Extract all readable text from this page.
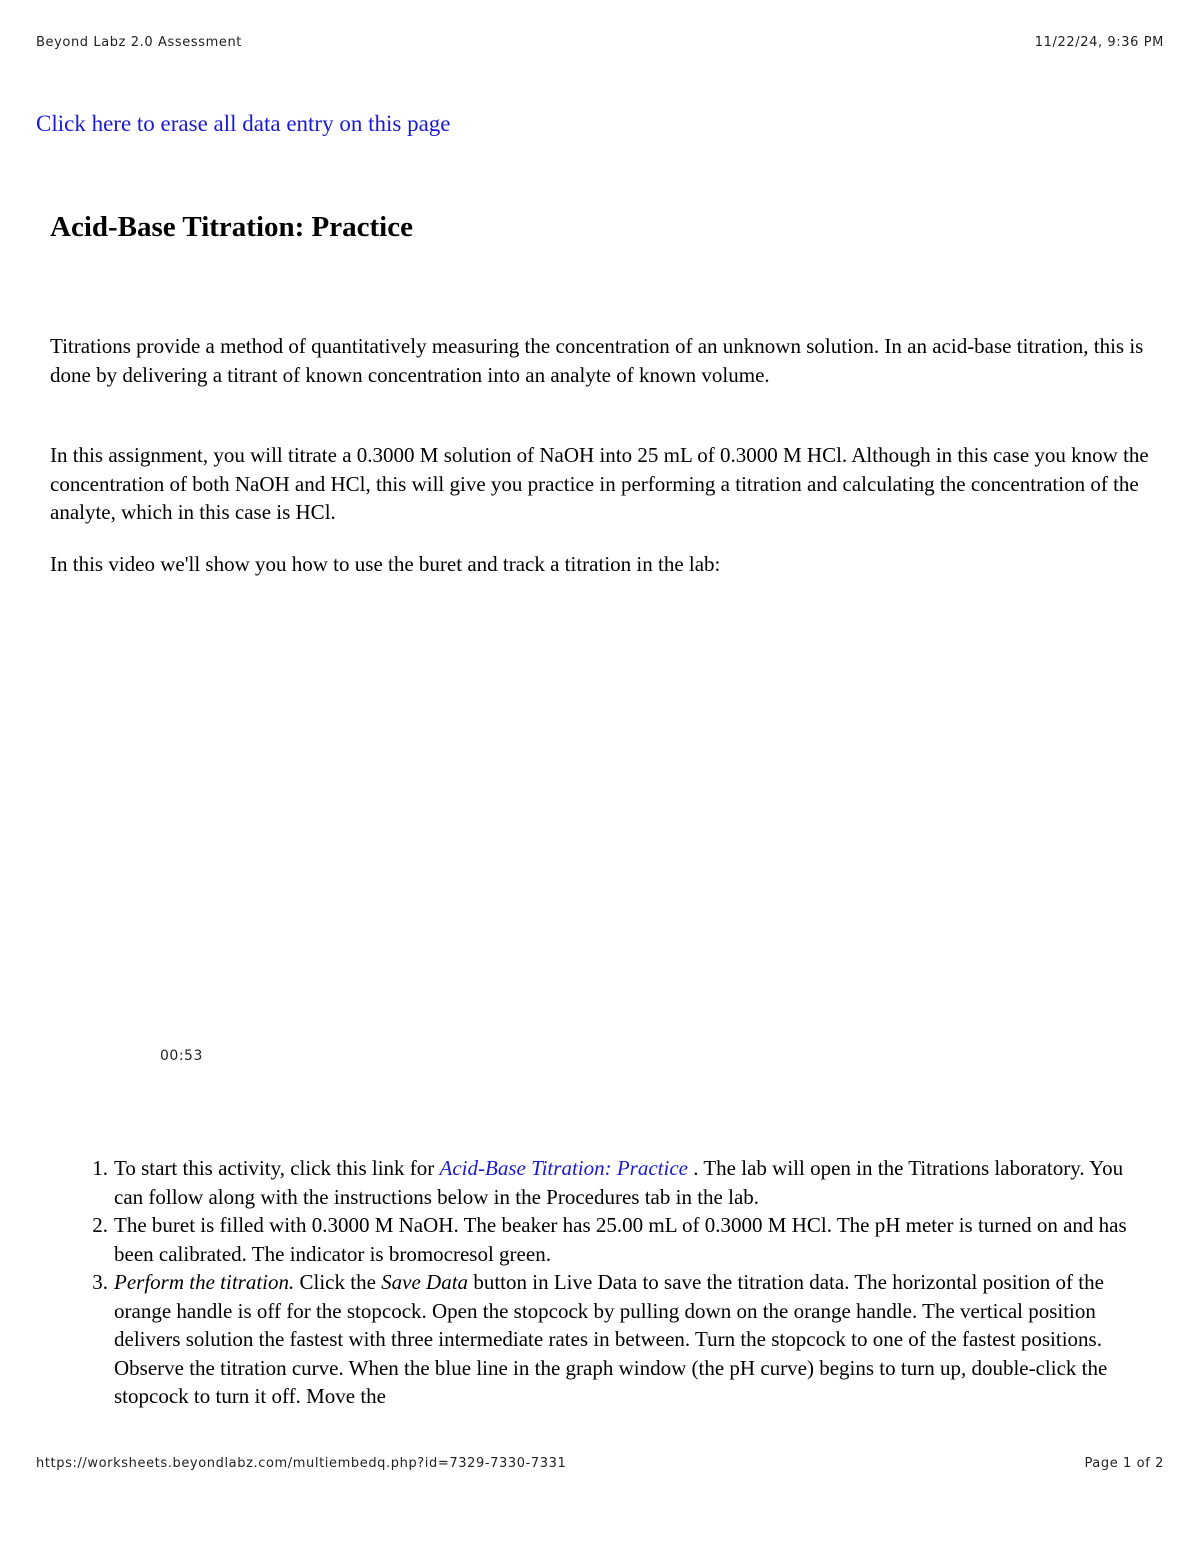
Beyond Labz 2.0 Assessment	11/22/24, 9:36 PM
Click here to erase all data entry on this page
Acid-Base Titration: Practice

Titrations provide a method of quantitatively measuring the concentration of an unknown solution. In an acid-base titration, this is done by delivering a titrant of known concentration into an analyte of known volume.

In this assignment, you will titrate a 0.3000 M solution of NaOH into 25 mL of 0.3000 M HCl. Although in this case you know the concentration of both NaOH and HCl, this will give you practice in performing a titration and calculating the concentration of the analyte, which in this case is HCl.

In this video we'll show you how to use the buret and track a titration in the lab:

00:53
1. To start this activity, click this link for Acid-Base Titration: Practice . The lab will open in the Titrations laboratory. You can follow along with the instructions below in the Procedures tab in the lab.
2. The buret is filled with 0.3000 M NaOH. The beaker has 25.00 mL of 0.3000 M HCl. The pH meter is turned on and has been calibrated. The indicator is bromocresol green.
3. Perform the titration. Click the Save Data button in Live Data to save the titration data. The horizontal position of the orange handle is off for the stopcock. Open the stopcock by pulling down on the orange handle. The vertical position delivers solution the fastest with three intermediate rates in between. Turn the stopcock to one of the fastest positions. Observe the titration curve. When the blue line in the graph window (the pH curve) begins to turn up, double-click the stopcock to turn it off. Move the
https://worksheets.beyondlabz.com/multiembedq.php?id=7329-7330-7331	Page 1 of 2
